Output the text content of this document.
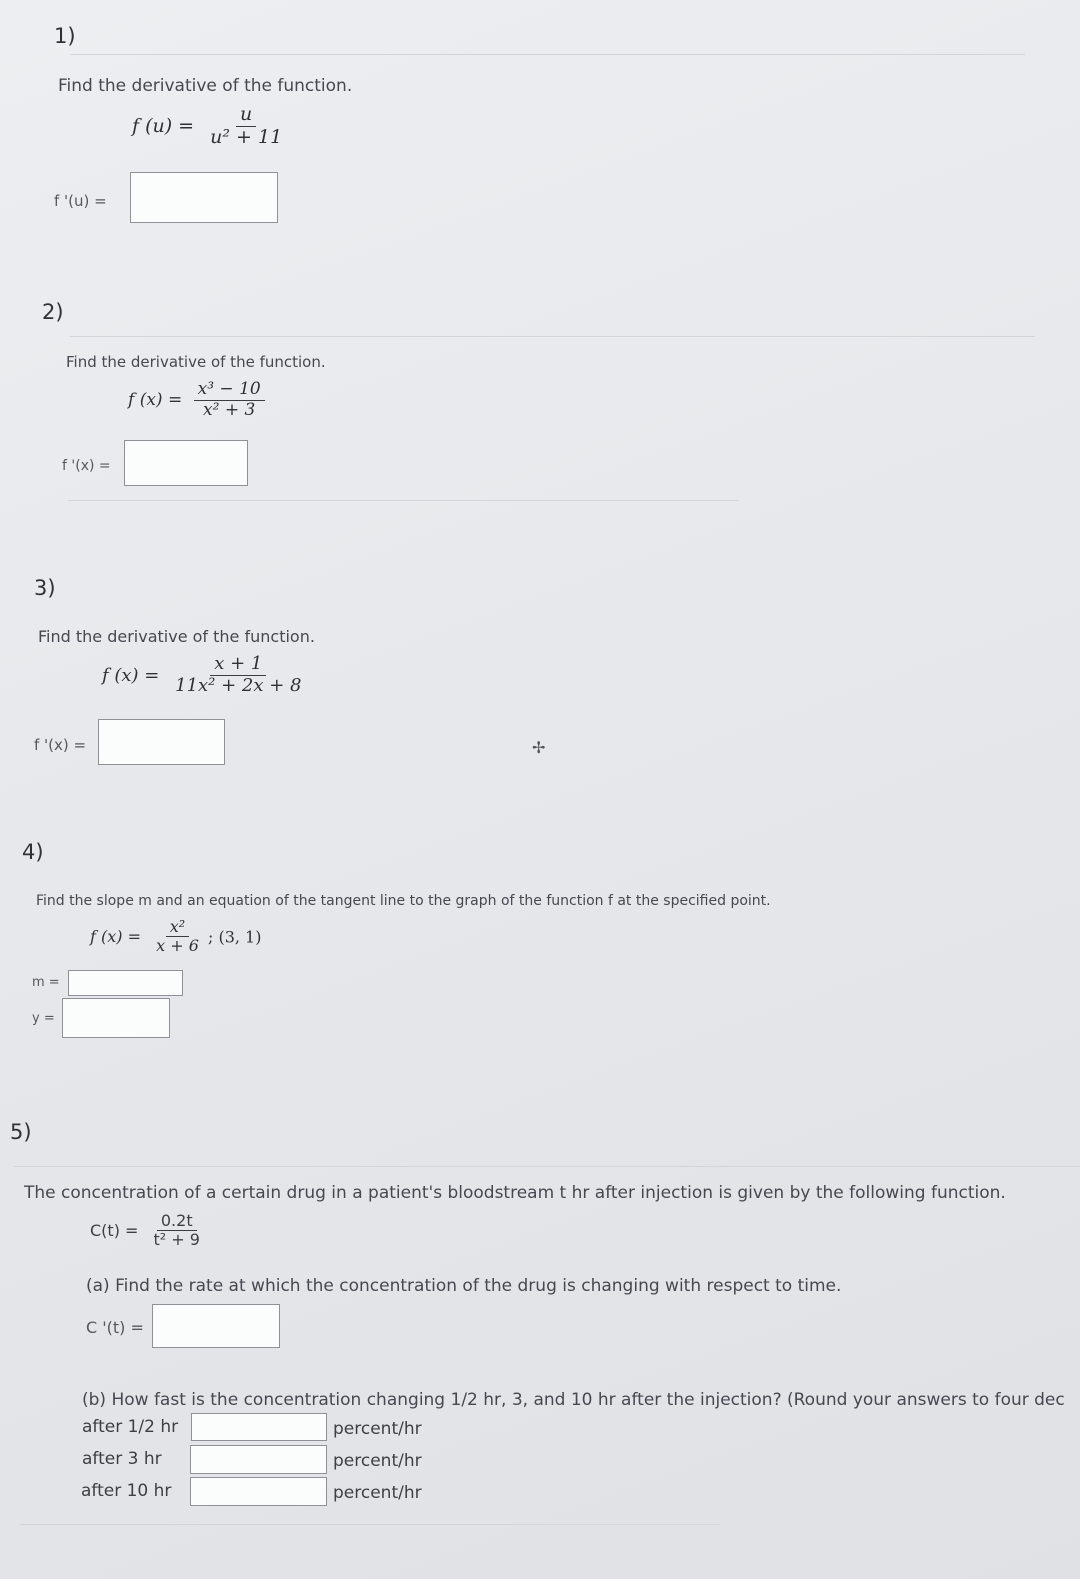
1)
Find the derivative of the function.
f $(u) = \frac{u}{\text{u² + 11}}$
f '(u) =
2)
Find the derivative of the function.
f $(x) = \frac{\text{x³ − 10}}{\text{x² + 3}}$
f '(x) =
3)
Find the derivative of the function.
f $(x) = \frac{x + 1}{\text{11x² + 2x + 8}}$
f '(x) =	✢
4)
Find the slope m and an equation of the tangent line to the graph of the function f at the specified point.
f $(x) = \frac{\text{x²}}{x + 6}$ ; (3, 1)
m =
y =
5)
The concentration of a certain drug in a patient's bloodstream t hr after injection is given by the following function.
$C(t) = \frac{0.2t}{\text{t² + 9}}$
(a) Find the rate at which the concentration of the drug is changing with respect to time.
C '(t) =
(b) How fast is the concentration changing 1/2 hr, 3, and 10 hr after the injection? (Round your answers to four dec
after 1/2 hr	percent/hr
after 3 hr	percent/hr
after 10 hr	percent/hr
